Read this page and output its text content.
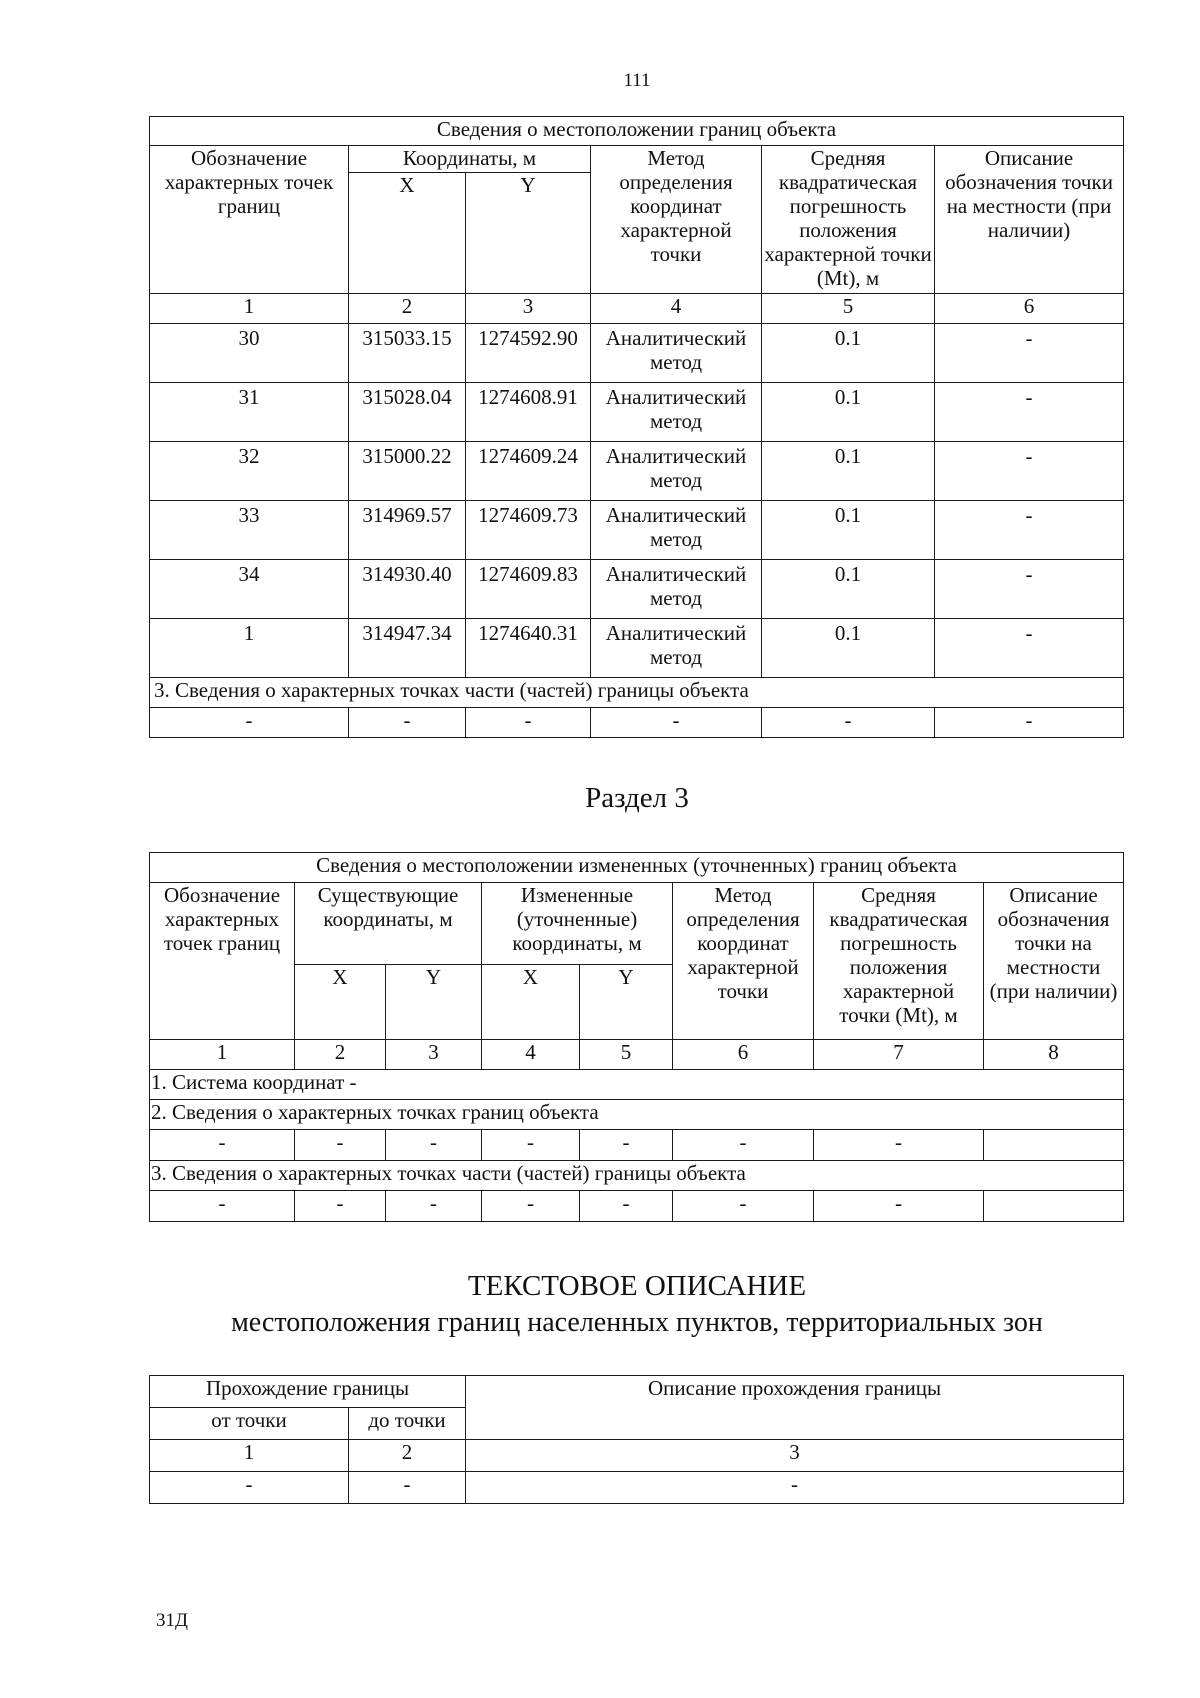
111
Сведения о местоположении границ объекта					
Обозначение характерных точек границ	Координаты, м		Метод определения координат характерной точки	Средняя квадратическая погрешность положения характерной точки (Mt), м	Описание обозначения точки на местности (при наличии)
	X	Y			
1	2	3	4	5	6
30	315033.15	1274592.90	Аналитический метод	0.1	-
31	315028.04	1274608.91	Аналитический метод	0.1	-
32	315000.22	1274609.24	Аналитический метод	0.1	-
33	314969.57	1274609.73	Аналитический метод	0.1	-
34	314930.40	1274609.83	Аналитический метод	0.1	-
1	314947.34	1274640.31	Аналитический метод	0.1	-
3. Сведения о характерных точках части (частей) границы объекта					
-	-	-	-	-	-
Раздел 3
Сведения о местоположении измененных (уточненных) границ объекта							
Обозначение характерных точек границ	Существующие координаты, м		Измененные (уточненные) координаты, м		Метод определения координат характерной точки	Средняя квадратическая погрешность положения характерной точки (Mt), м	Описание обозначения точки на местности (при наличии)
	X	Y	X	Y			
1	2	3	4	5	6	7	8
1. Система координат -							
2. Сведения о характерных точках границ объекта							
-	-	-	-	-	-	-	
3. Сведения о характерных точках части (частей) границы объекта							
-	-	-	-	-	-	-	
ТЕКСТОВОЕ ОПИСАНИЕ
местоположения границ населенных пунктов, территориальных зон
Прохождение границы		Описание прохождения границы
от точки	до точки	
1	2	3
-	-	-
31Д
